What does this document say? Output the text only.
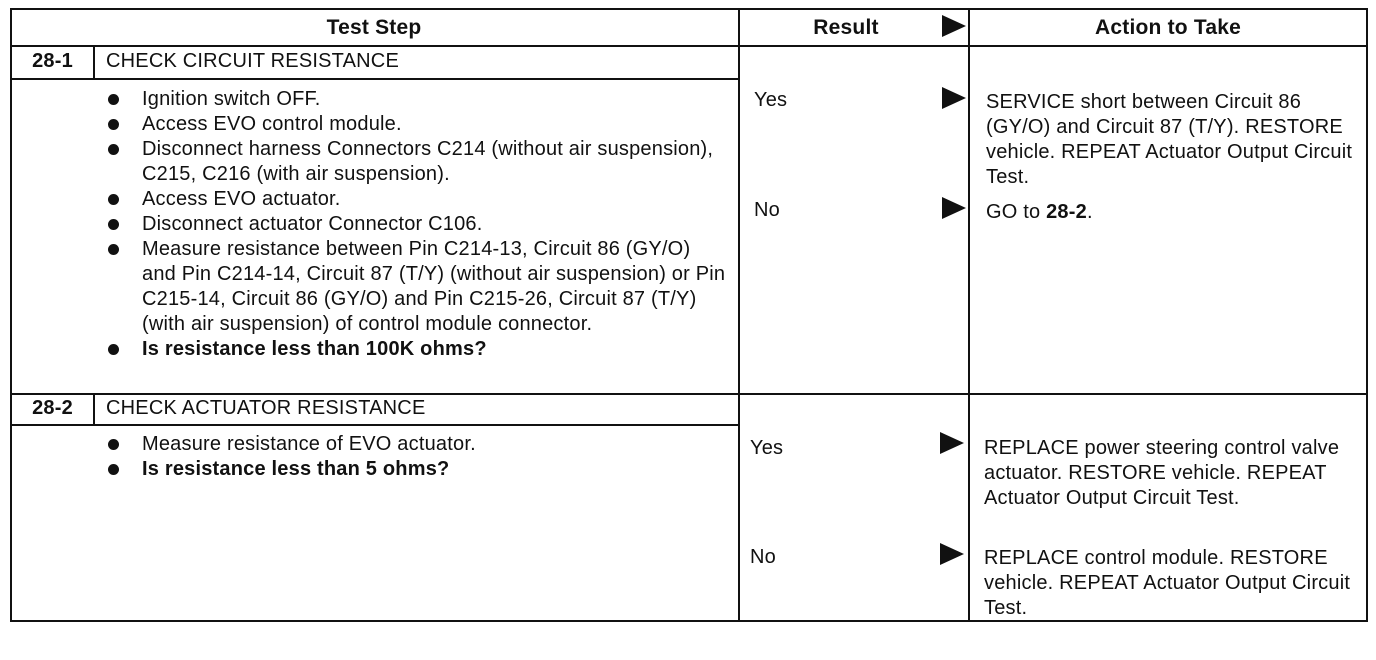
Test Step	Result	Action to Take
28-1	CHECK CIRCUIT RESISTANCE
Ignition switch OFF.
Access EVO control module.
Disconnect harness Connectors C214 (without air suspension), C215, C216 (with air suspension).
Access EVO actuator.
Disconnect actuator Connector C106.
Measure resistance between Pin C214-13, Circuit 86 (GY/O) and Pin C214-14, Circuit 87 (T/Y) (without air suspension) or Pin C215-14, Circuit 86 (GY/O) and Pin C215-26, Circuit 87 (T/Y) (with air suspension) of control module connector.
Is resistance less than 100K ohms?
Yes	SERVICE short between Circuit 86 (GY/O) and Circuit 87 (T/Y). RESTORE vehicle. REPEAT Actuator Output Circuit Test.
No	GO to 28-2.
28-2	CHECK ACTUATOR RESISTANCE
Measure resistance of EVO actuator.
Is resistance less than 5 ohms?
Yes	REPLACE power steering control valve actuator. RESTORE vehicle. REPEAT Actuator Output Circuit Test.
No	REPLACE control module. RESTORE vehicle. REPEAT Actuator Output Circuit Test.
